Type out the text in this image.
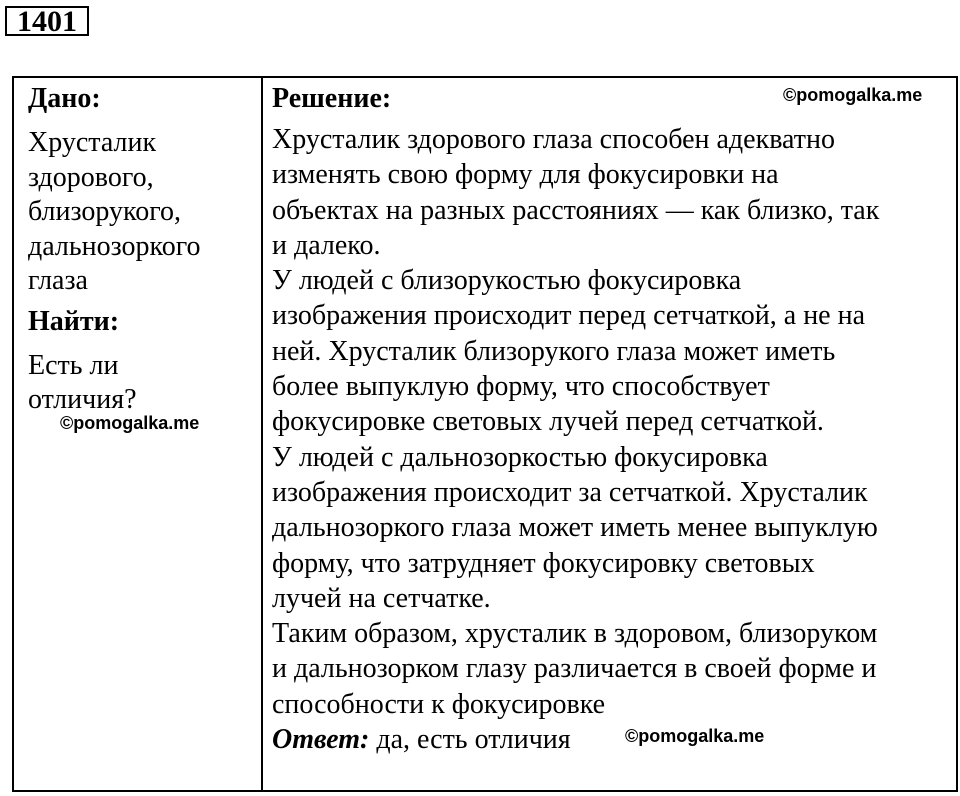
1401
Дано:
Хрусталик
здорового,
близорукого,
дальнозоркого
глаза
Найти:
Есть ли
отличия?
©pomogalka.me
Решение:	©pomogalka.me
Хрусталик здорового глаза способен адекватно
изменять свою форму для фокусировки на
объектах на разных расстояниях — как близко, так
и далеко.
У людей с близорукостью фокусировка
изображения происходит перед сетчаткой, а не на
ней. Хрусталик близорукого глаза может иметь
более выпуклую форму, что способствует
фокусировке световых лучей перед сетчаткой.
У людей с дальнозоркостью фокусировка
изображения происходит за сетчаткой. Хрусталик
дальнозоркого глаза может иметь менее выпуклую
форму, что затрудняет фокусировку световых
лучей на сетчатке.
Таким образом, хрусталик в здоровом, близоруком
и дальнозорком глазу различается в своей форме и
способности к фокусировке
Ответ: да, есть отличия	©pomogalka.me
